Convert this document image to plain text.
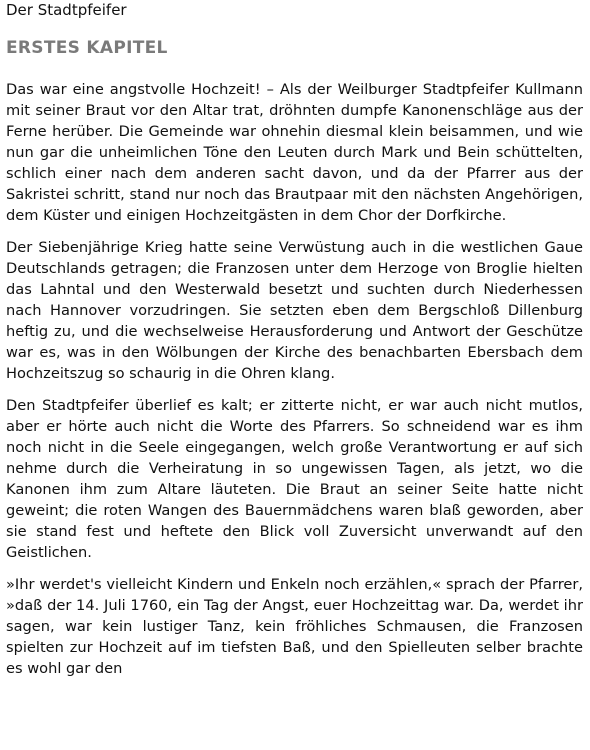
Der Stadtpfeifer
ERSTES KAPITEL

Das war eine angstvolle Hochzeit! – Als der Weilburger Stadtpfeifer Kullmann mit seiner Braut vor den Altar trat, dröhnten dumpfe Kanonenschläge aus der Ferne herüber. Die Gemeinde war ohnehin diesmal klein beisammen, und wie nun gar die unheimlichen Töne den Leuten durch Mark und Bein schüttelten, schlich einer nach dem anderen sacht davon, und da der Pfarrer aus der Sakristei schritt, stand nur noch das Brautpaar mit den nächsten Angehörigen, dem Küster und einigen Hochzeitgästen in dem Chor der Dorfkirche.

Der Siebenjährige Krieg hatte seine Verwüstung auch in die westlichen Gaue Deutschlands getragen; die Franzosen unter dem Herzoge von Broglie hielten das Lahntal und den Westerwald besetzt und suchten durch Niederhessen nach Hannover vorzudringen. Sie setzten eben dem Bergschloß Dillenburg heftig zu, und die wechselweise Herausforderung und Antwort der Geschütze war es, was in den Wölbungen der Kirche des benachbarten Ebersbach dem Hochzeitszug so schaurig in die Ohren klang.

Den Stadtpfeifer überlief es kalt; er zitterte nicht, er war auch nicht mutlos, aber er hörte auch nicht die Worte des Pfarrers. So schneidend war es ihm noch nicht in die Seele eingegangen, welch große Verantwortung er auf sich nehme durch die Verheiratung in so ungewissen Tagen, als jetzt, wo die Kanonen ihm zum Altare läuteten. Die Braut an seiner Seite hatte nicht geweint; die roten Wangen des Bauernmädchens waren blaß geworden, aber sie stand fest und heftete den Blick voll Zuversicht unverwandt auf den Geistlichen.

»Ihr werdet's vielleicht Kindern und Enkeln noch erzählen,« sprach der Pfarrer, »daß der 14. Juli 1760, ein Tag der Angst, euer Hochzeittag war. Da, werdet ihr sagen, war kein lustiger Tanz, kein fröhliches Schmausen, die Franzosen spielten zur Hochzeit auf im tiefsten Baß, und den Spielleuten selber brachte es wohl gar den
